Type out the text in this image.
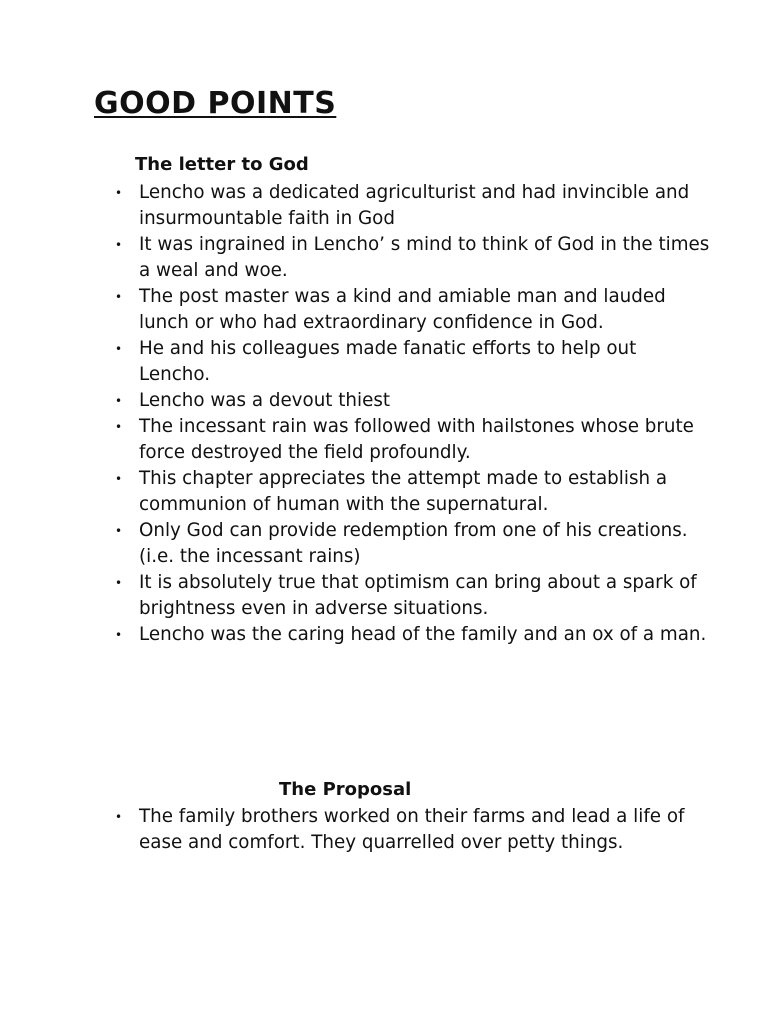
GOOD POINTS
The letter to God
• Lencho was a dedicated agriculturist and had invincible and insurmountable faith in God
• It was ingrained in Lencho’ s mind to think of God in the times a weal and woe.
• The post master was a kind and amiable man and lauded lunch or who had extraordinary confidence in God.
• He and his colleagues made fanatic efforts to help out Lencho.
• Lencho was a devout thiest
• The incessant rain was followed with hailstones whose brute force destroyed the field profoundly.
• This chapter appreciates the attempt made to establish a communion of human with the supernatural.
• Only God can provide redemption from one of his creations.(i.e. the incessant rains)
• It is absolutely true that optimism can bring about a spark of brightness even in adverse situations.
• Lencho was the caring head of the family and an ox of a man.
The Proposal
• The family brothers worked on their farms and lead a life of ease and comfort. They quarrelled over petty things.
